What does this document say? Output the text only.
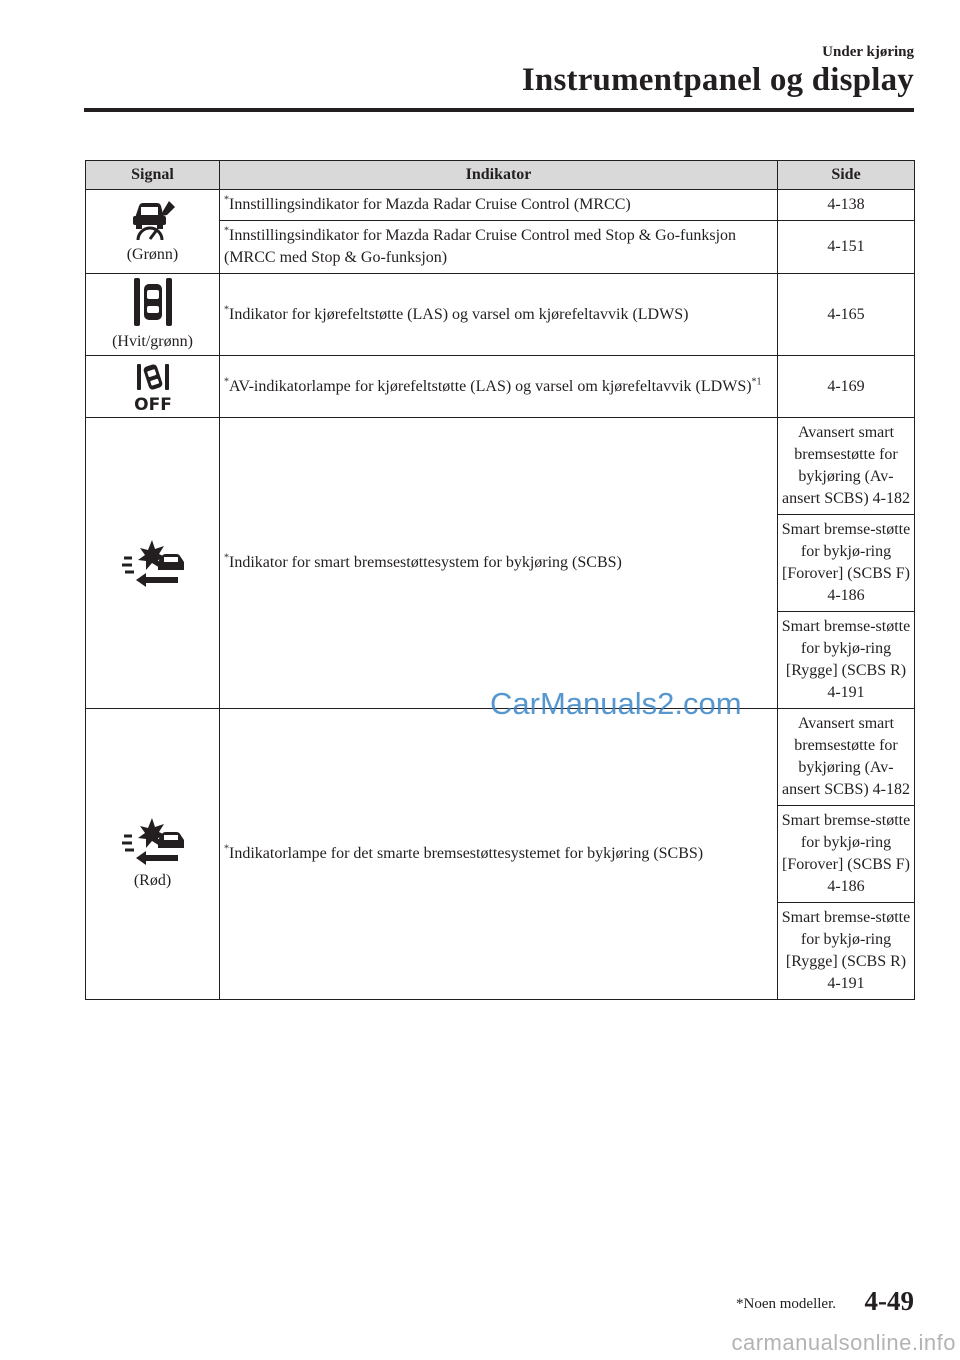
Under kjøring
Instrumentpanel og display
Signal	Indikator	Side

(Grønn)	*Innstillingsindikator for Mazda Radar Cruise Control (MRCC)	4-138
	*Innstillingsindikator for Mazda Radar Cruise Control med Stop & Go-funksjon (MRCC med Stop & Go-funksjon)	4-151

(Hvit/grønn)	*Indikator for kjørefeltstøtte (LAS) og varsel om kjørefeltavvik (LDWS)	4-165

OFF	*AV-indikatorlampe for kjørefeltstøtte (LAS) og varsel om kjørefeltavvik (LDWS)$^{*1}$	4-169

	*Indikator for smart bremsestøttesystem for bykjøring (SCBS)	Avansert smart bremsestøtte for bykjøring (Av-ansert SCBS) 4-182
		Smart bremse-støtte for bykjø-ring [Forover] (SCBS F) 4-186
		Smart bremse-støtte for bykjø-ring [Rygge] (SCBS R) 4-191

(Rød)	*Indikatorlampe for det smarte bremsestøttesystemet for bykjøring (SCBS)	Avansert smart bremsestøtte for bykjøring (Av-ansert SCBS) 4-182
		Smart bremse-støtte for bykjø-ring [Forover] (SCBS F) 4-186
		Smart bremse-støtte for bykjø-ring [Rygge] (SCBS R) 4-191
CarManuals2.com
*Noen modeller. 4-49
carmanualsonline.info
